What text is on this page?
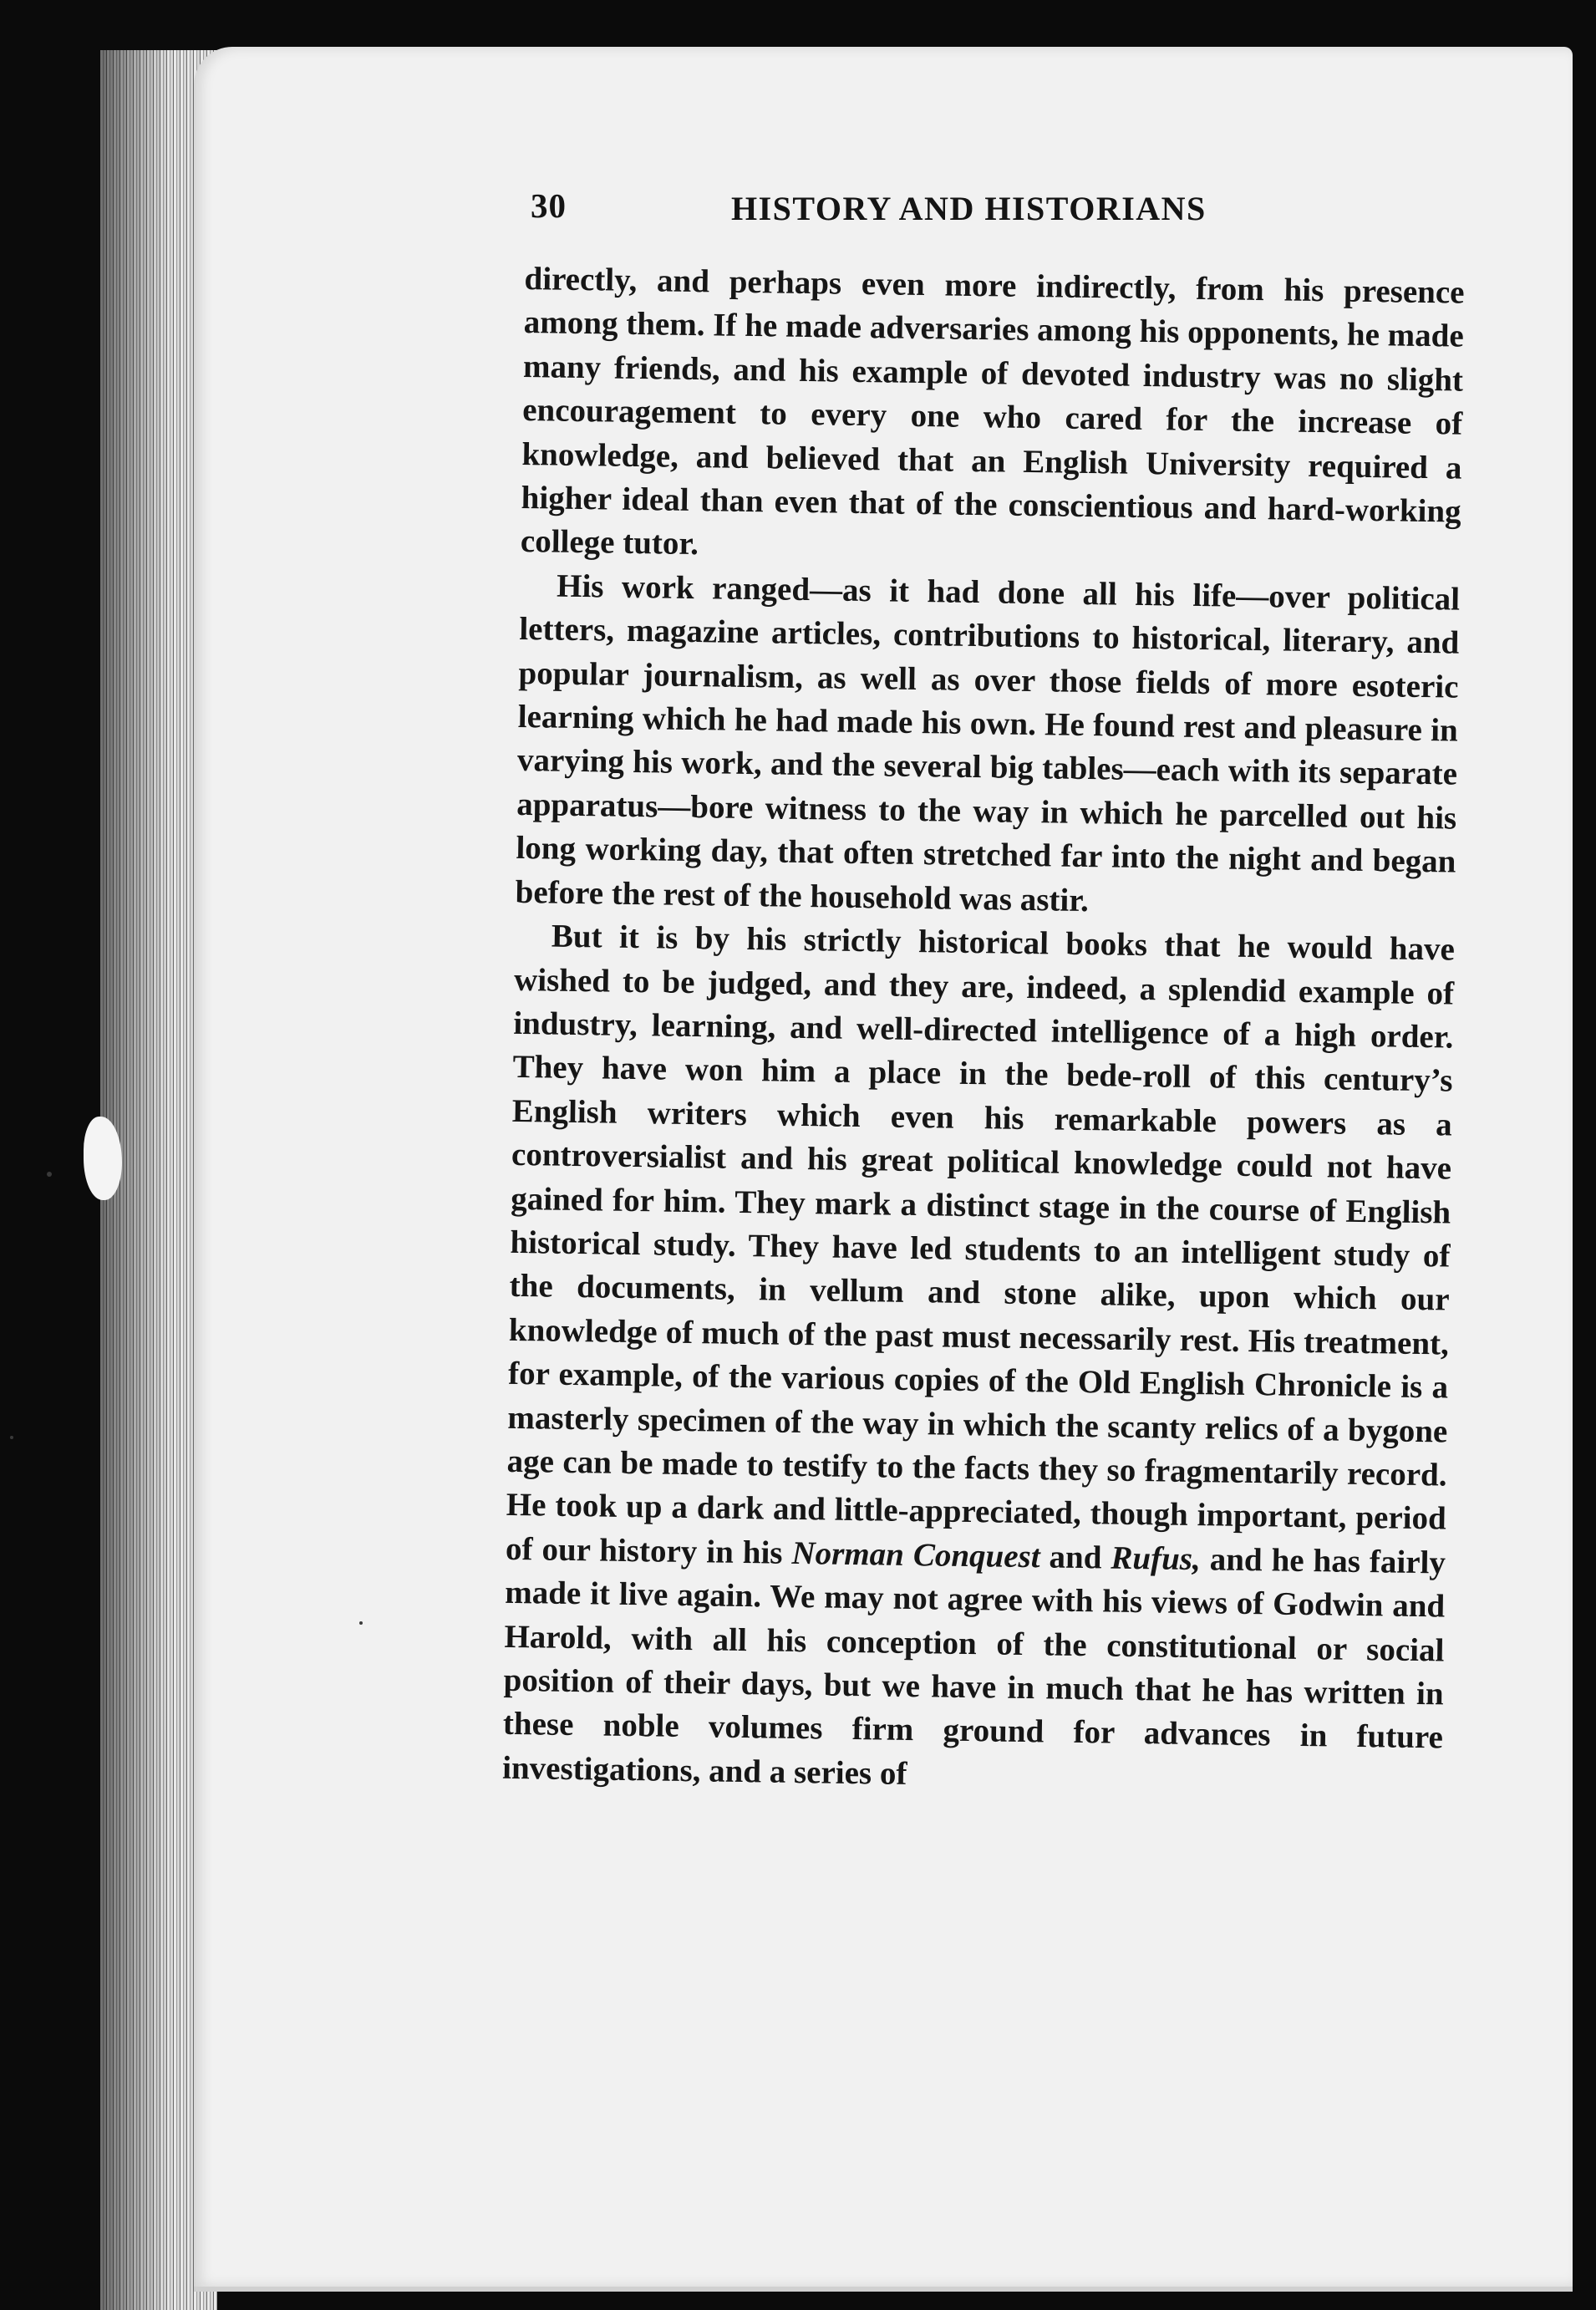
30	HISTORY AND HISTORIANS

directly, and perhaps even more indirectly, from his presence among them. If he made adversaries among his opponents, he made many friends, and his example of devoted industry was no slight encouragement to every one who cared for the increase of knowledge, and believed that an English University required a higher ideal than even that of the conscientious and hard-working college tutor.

His work ranged—as it had done all his life—over political letters, magazine articles, contributions to historical, literary, and popular journalism, as well as over those fields of more esoteric learning which he had made his own. He found rest and pleasure in varying his work, and the several big tables—each with its separate apparatus—bore witness to the way in which he parcelled out his long working day, that often stretched far into the night and began before the rest of the household was astir.

But it is by his strictly historical books that he would have wished to be judged, and they are, indeed, a splendid example of industry, learning, and well-directed intelligence of a high order. They have won him a place in the bede-roll of this century’s English writers which even his remarkable powers as a controversialist and his great political knowledge could not have gained for him. They mark a distinct stage in the course of English historical study. They have led students to an intelligent study of the documents, in vellum and stone alike, upon which our knowledge of much of the past must necessarily rest. His treatment, for example, of the various copies of the Old English Chronicle is a masterly specimen of the way in which the scanty relics of a bygone age can be made to testify to the facts they so fragmentarily record. He took up a dark and little-appreciated, though important, period of our history in his Norman Conquest and Rufus, and he has fairly made it live again. We may not agree with his views of Godwin and Harold, with all his conception of the constitutional or social position of their days, but we have in much that he has written in these noble volumes firm ground for advances in future investigations, and a series of
